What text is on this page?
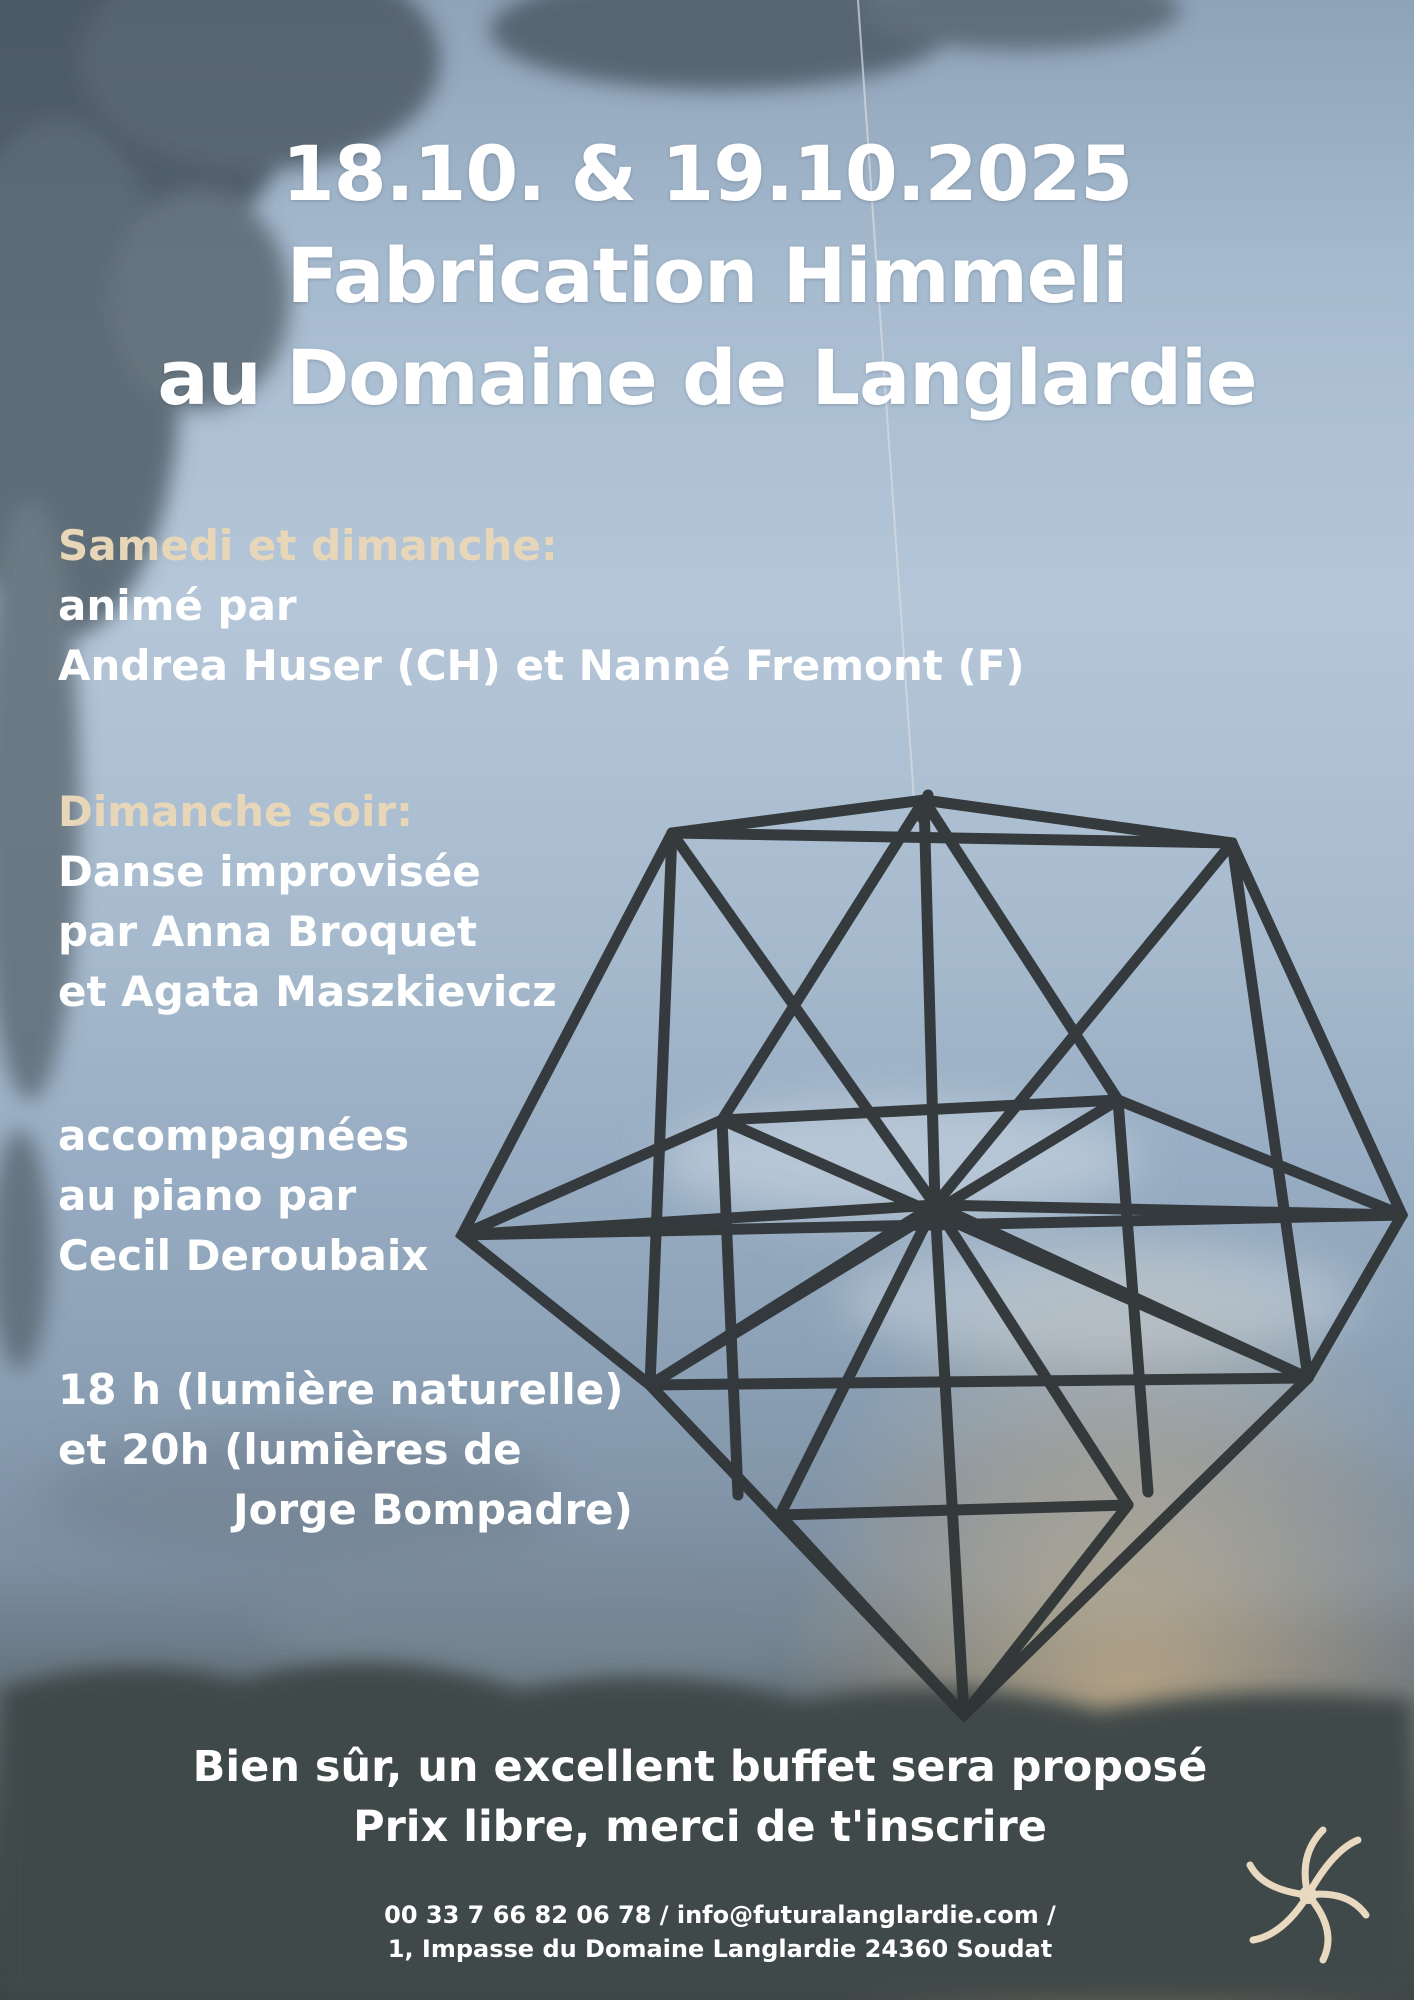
18.10. & 19.10.2025
Fabrication Himmeli
au Domaine de Langlardie
Samedi et dimanche:
animé par
Andrea Huser (CH) et Nanné Fremont (F)
Dimanche soir:
Danse improvisée
par Anna Broquet
et Agata Maszkievicz
accompagnées
au piano par
Cecil Deroubaix
18 h (lumière naturelle)
et 20h (lumières de
Jorge Bompadre)
Bien sûr, un excellent buffet sera proposé
Prix libre, merci de t'inscrire
00 33 7 66 82 06 78 / info@futuralanglardie.com /
1, Impasse du Domaine Langlardie 24360 Soudat
